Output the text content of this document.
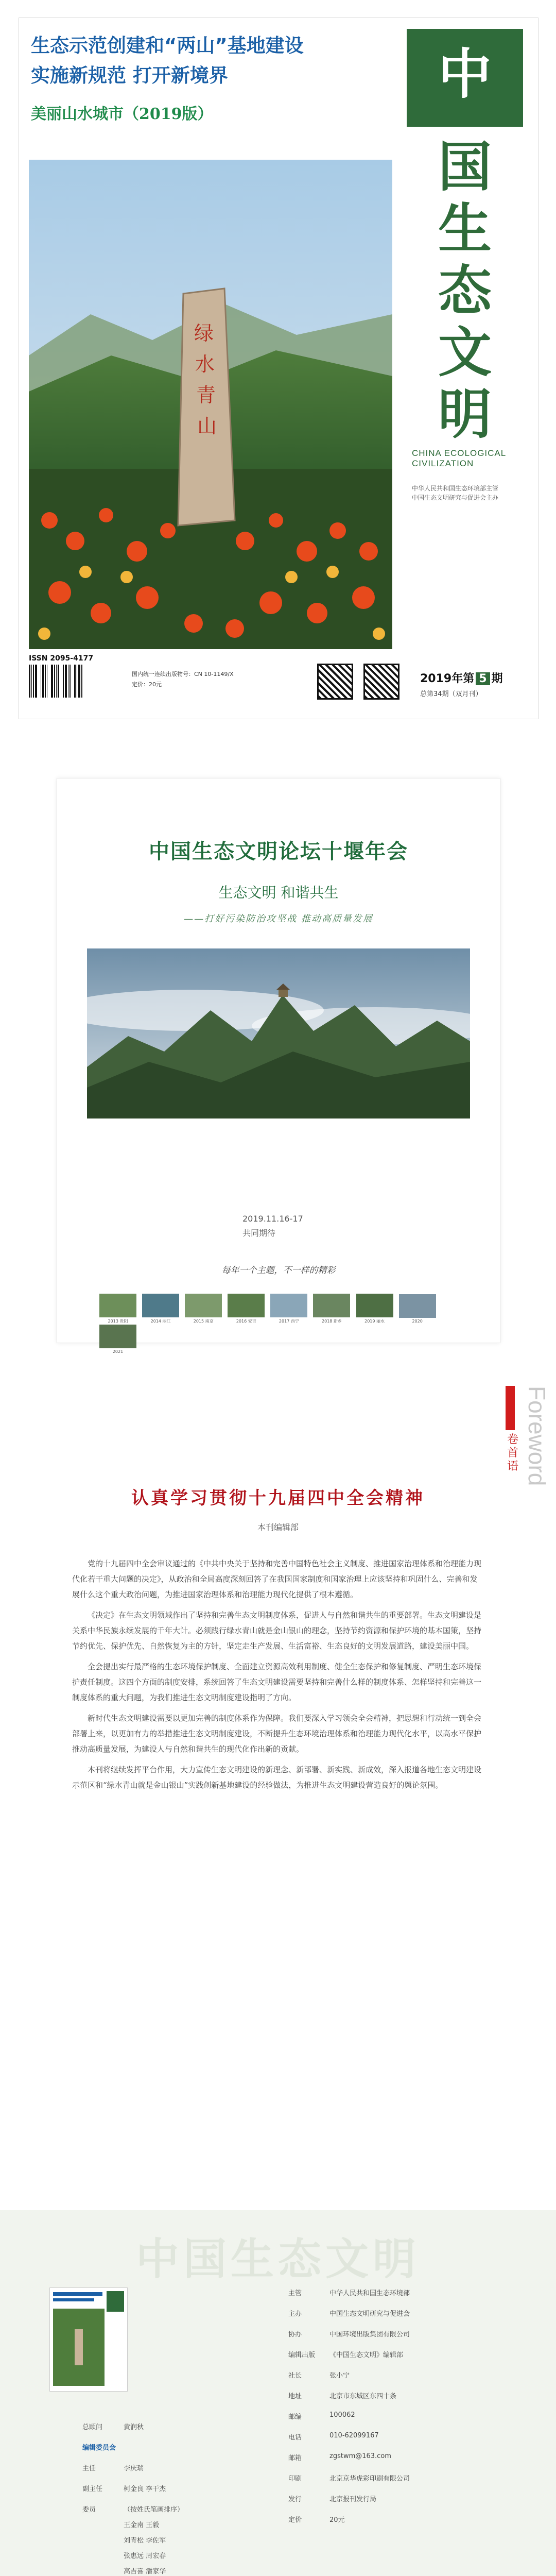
生态示范创建和“两山”基地建设
实施新规范 打开新境界
美丽山水城市（2019版）
绿
水
青
山
中
国
生
态
文
明
CHINA ECOLOGICAL CIVILIZATION
中华人民共和国生态环境部主管
中国生态文明研究与促进会主办
ISSN 2095-4177

国内统一连续出版物号：CN 10-1149/X
定价：20元	2019年第 5 期
总第34期（双月刊）
中国生态文明论坛十堰年会
生态文明 和谐共生
——打好污染防治攻坚战 推动高质量发展
2019.11.16-17
共同期待
每年一个主题，不一样的精彩
2013 贵阳
	2014 丽江
	2015 南京
	2016 安吉
	2017 西宁
	2018 新乡
	2019 丽水
	2020

2021
Foreword
卷首语
认真学习贯彻十九届四中全会精神
本刊编辑部

党的十九届四中全会审议通过的《中共中央关于坚持和完善中国特色社会主义制度、推进国家治理体系和治理能力现代化若干重大问题的决定》，从政治和全局高度深刻回答了在我国国家制度和国家治理上应该坚持和巩固什么、完善和发展什么这个重大政治问题，为推进国家治理体系和治理能力现代化提供了根本遵循。

《决定》在生态文明领域作出了坚持和完善生态文明制度体系，促进人与自然和谐共生的重要部署。生态文明建设是关系中华民族永续发展的千年大计。必须践行绿水青山就是金山银山的理念，坚持节约资源和保护环境的基本国策，坚持节约优先、保护优先、自然恢复为主的方针，坚定走生产发展、生活富裕、生态良好的文明发展道路，建设美丽中国。

全会提出实行最严格的生态环境保护制度、全面建立资源高效利用制度、健全生态保护和修复制度、严明生态环境保护责任制度。这四个方面的制度安排，系统回答了生态文明建设需要坚持和完善什么样的制度体系、怎样坚持和完善这一制度体系的重大问题，为我们推进生态文明制度建设指明了方向。

新时代生态文明建设需要以更加完善的制度体系作为保障。我们要深入学习领会全会精神，把思想和行动统一到全会部署上来，以更加有力的举措推进生态文明制度建设，不断提升生态环境治理体系和治理能力现代化水平，以高水平保护推动高质量发展，为建设人与自然和谐共生的现代化作出新的贡献。

本刊将继续发挥平台作用，大力宣传生态文明建设的新理念、新部署、新实践、新成效，深入报道各地生态文明建设示范区和“绿水青山就是金山银山”实践创新基地建设的经验做法，为推进生态文明建设营造良好的舆论氛围。

中国生态文明
总顾问	黄润秋
编辑委员会
主任	李庆瑞
副主任	柯金良 李干杰
委员	（按姓氏笔画排序）
王金南 王毅
刘青松 李佐军
张惠远 周宏春
高吉喜 潘家华
主管	中华人民共和国生态环境部
主办	中国生态文明研究与促进会
协办	中国环境出版集团有限公司
编辑出版 《中国生态文明》编辑部
社长	张小宁
地址	北京市东城区东四十条
邮编	100062
电话	010-62099167
邮箱	zgstwm@163.com
印刷	北京京华虎彩印刷有限公司
发行	北京报刊发行局
定价	20元
